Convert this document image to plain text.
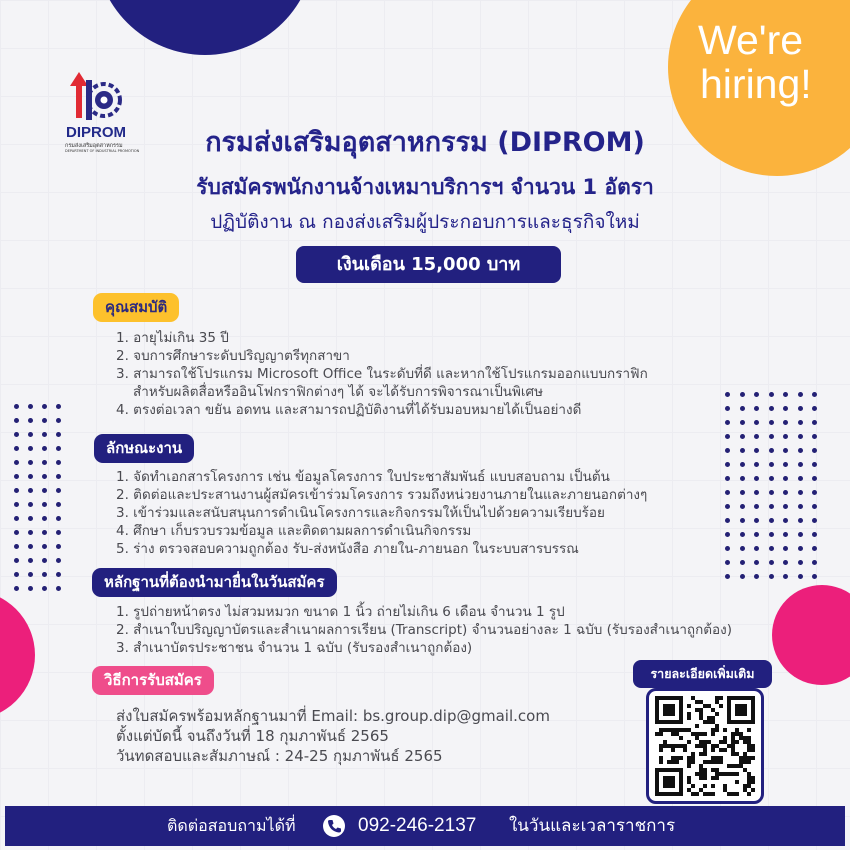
We're
hiring!
DIPROM
กรมส่งเสริมอุตสาหกรรม
DEPARTMENT OF INDUSTRIAL PROMOTION	กรมส่งเสริมอุตสาหกรรม (DIPROM)
รับสมัครพนักงานจ้างเหมาบริการฯ จำนวน 1 อัตรา
ปฏิบัติงาน ณ กองส่งเสริมผู้ประกอบการและธุรกิจใหม่
เงินเดือน 15,000 บาท
คุณสมบัติ
1. อายุไม่เกิน 35 ปี
2. จบการศึกษาระดับปริญญาตรีทุกสาขา
3. สามารถใช้โปรแกรม Microsoft Office ในระดับที่ดี และหากใช้โปรแกรมออกแบบกราฟิก
สำหรับผลิตสื่อหรืออินโฟกราฟิกต่างๆ ได้ จะได้รับการพิจารณาเป็นพิเศษ
4. ตรงต่อเวลา ขยัน อดทน และสามารถปฏิบัติงานที่ได้รับมอบหมายได้เป็นอย่างดี
ลักษณะงาน
1. จัดทำเอกสารโครงการ เช่น ข้อมูลโครงการ ใบประชาสัมพันธ์ แบบสอบถาม เป็นต้น
2. ติดต่อและประสานงานผู้สมัครเข้าร่วมโครงการ รวมถึงหน่วยงานภายในและภายนอกต่างๆ
3. เข้าร่วมและสนับสนุนการดำเนินโครงการและกิจกรรมให้เป็นไปด้วยความเรียบร้อย
4. ศึกษา เก็บรวบรวมข้อมูล และติดตามผลการดำเนินกิจกรรม
5. ร่าง ตรวจสอบความถูกต้อง รับ-ส่งหนังสือ ภายใน-ภายนอก ในระบบสารบรรณ
หลักฐานที่ต้องนำมายื่นในวันสมัคร
1. รูปถ่ายหน้าตรง ไม่สวมหมวก ขนาด 1 นิ้ว ถ่ายไม่เกิน 6 เดือน จำนวน 1 รูป
2. สำเนาใบปริญญาบัตรและสำเนาผลการเรียน (Transcript) จำนวนอย่างละ 1 ฉบับ (รับรองสำเนาถูกต้อง)
3. สำเนาบัตรประชาชน จำนวน 1 ฉบับ (รับรองสำเนาถูกต้อง)
วิธีการรับสมัคร
ส่งใบสมัครพร้อมหลักฐานมาที่ Email: bs.group.dip@gmail.com
ตั้งแต่บัดนี้ จนถึงวันที่ 18 กุมภาพันธ์ 2565
วันทดสอบและสัมภาษณ์ : 24-25 กุมภาพันธ์ 2565
รายละเอียดเพิ่มเติม
ติดต่อสอบถามได้ที่	092-246-2137 ในวันและเวลาราชการ
